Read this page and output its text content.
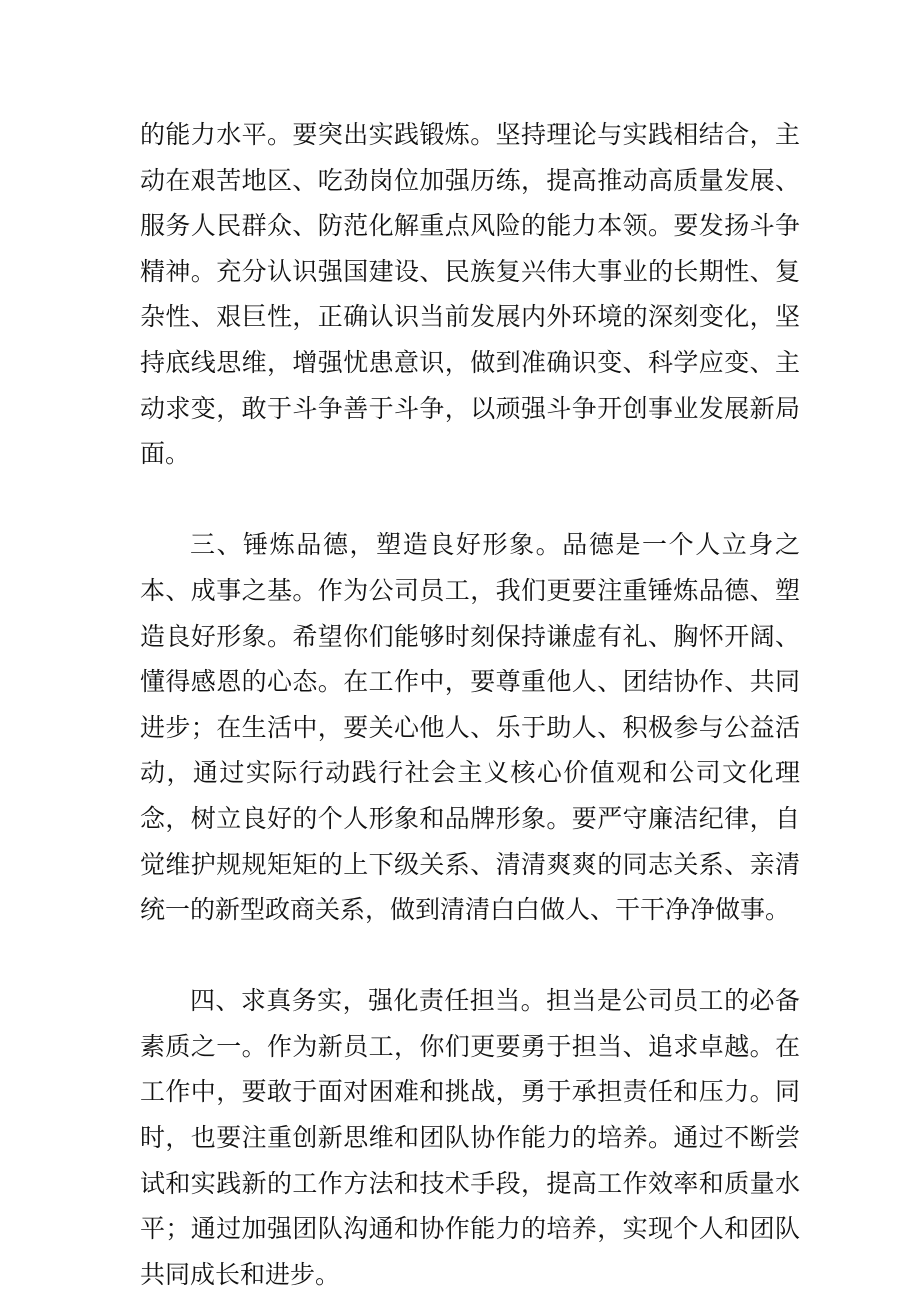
的能力水平。要突出实践锻炼。坚持理论与实践相结合，主动在艰苦地区、吃劲岗位加强历练，提高推动高质量发展、服务人民群众、防范化解重点风险的能力本领。要发扬斗争精神。充分认识强国建设、民族复兴伟大事业的长期性、复杂性、艰巨性，正确认识当前发展内外环境的深刻变化，坚持底线思维，增强忧患意识，做到准确识变、科学应变、主动求变，敢于斗争善于斗争，以顽强斗争开创事业发展新局面。

三、锤炼品德，塑造良好形象。品德是一个人立身之本、成事之基。作为公司员工，我们更要注重锤炼品德、塑造良好形象。希望你们能够时刻保持谦虚有礼、胸怀开阔、懂得感恩的心态。在工作中，要尊重他人、团结协作、共同进步；在生活中，要关心他人、乐于助人、积极参与公益活动，通过实际行动践行社会主义核心价值观和公司文化理念，树立良好的个人形象和品牌形象。要严守廉洁纪律，自觉维护规规矩矩的上下级关系、清清爽爽的同志关系、亲清统一的新型政商关系，做到清清白白做人、干干净净做事。

四、求真务实，强化责任担当。担当是公司员工的必备素质之一。作为新员工，你们更要勇于担当、追求卓越。在工作中，要敢于面对困难和挑战，勇于承担责任和压力。同时，也要注重创新思维和团队协作能力的培养。通过不断尝试和实践新的工作方法和技术手段，提高工作效率和质量水平；通过加强团队沟通和协作能力的培养，实现个人和团队共同成长和进步。
